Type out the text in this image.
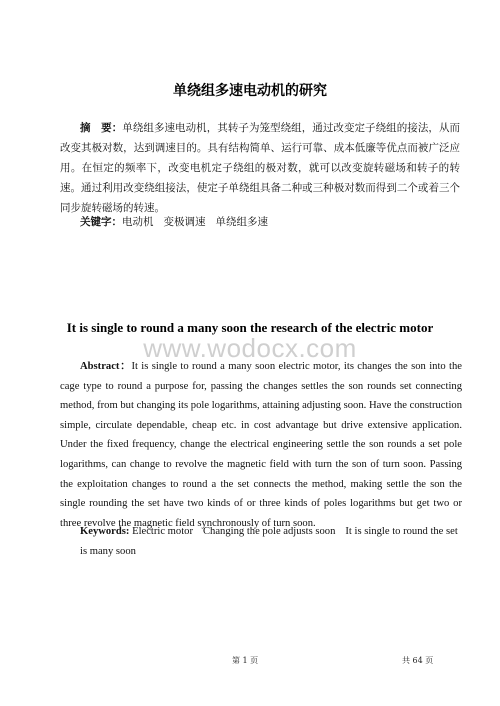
单绕组多速电动机的研究
摘　要：单绕组多速电动机，其转子为笼型绕组，通过改变定子绕组的接法，从而改变其极对数，达到调速目的。具有结构简单、运行可靠、成本低廉等优点而被广泛应用。在恒定的频率下，改变电机定子绕组的极对数，就可以改变旋转磁场和转子的转速。通过利用改变绕组接法，使定子单绕组具备二种或三种极对数而得到二个或着三个同步旋转磁场的转速。
关键字：电动机 变极调速 单绕组多速
It is single to round a many soon the research of the electric motor
www.wodocx.com
Abstract：It is single to round a many soon electric motor, its changes the son into the cage type to round a purpose for, passing the changes settles the son rounds set connecting method, from but changing its pole logarithms, attaining adjusting soon. Have the construction simple, circulate dependable, cheap etc. in cost advantage but drive extensive application. Under the fixed frequency, change the electrical engineering settle the son rounds a set pole logarithms, can change to revolve the magnetic field with turn the son of turn soon. Passing the exploitation changes to round a the set connects the method, making settle the son the single rounding the set have two kinds of or three kinds of poles logarithms but get two or three revolve the magnetic field synchronously of turn soon.
Keywords: Electric motor Changing the pole adjusts soon It is single to round the set is many soon
第 1 页	共 64 页
